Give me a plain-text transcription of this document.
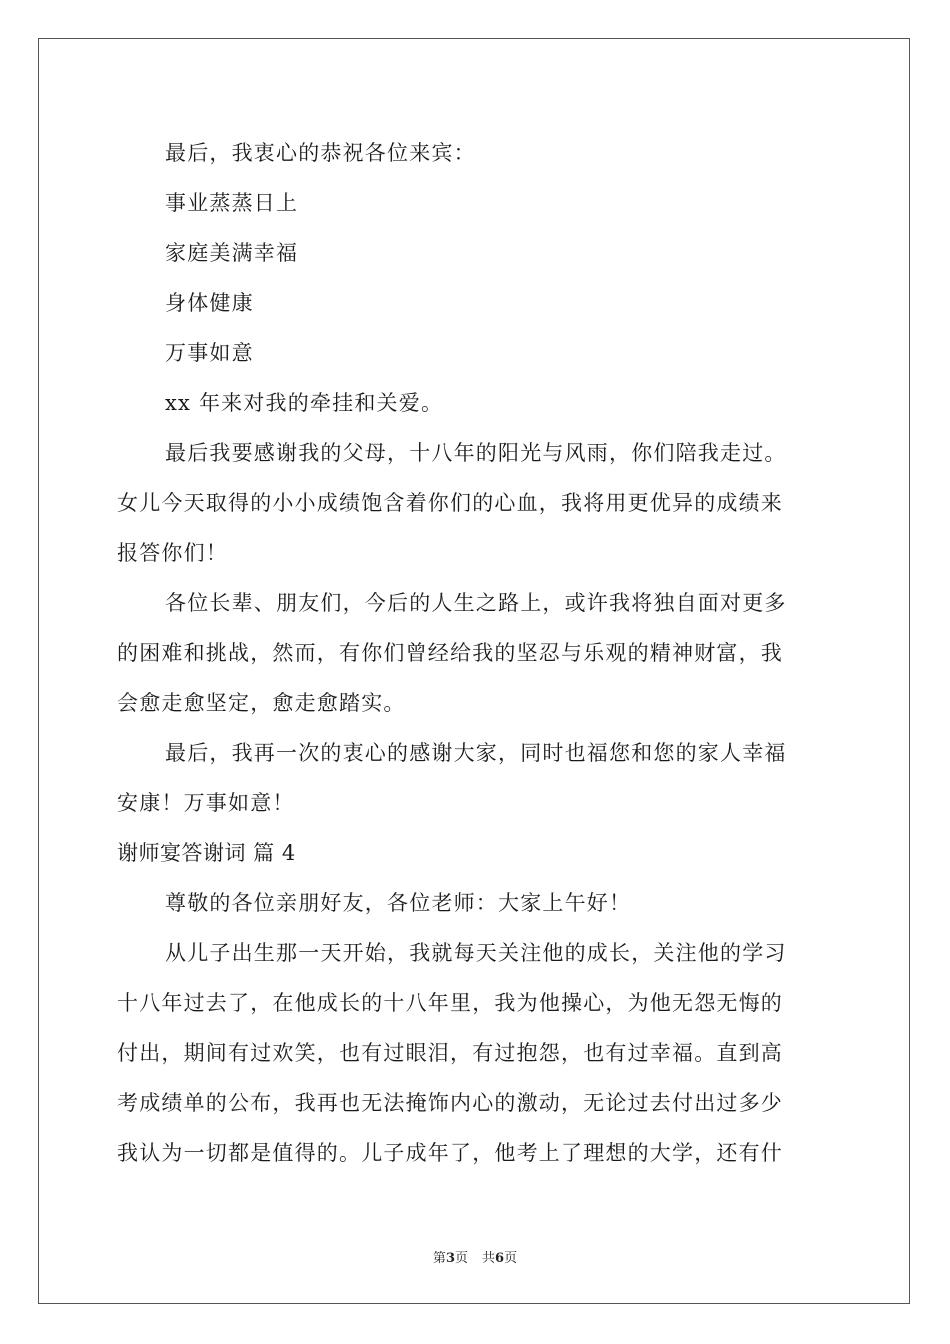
最后，我衷心的恭祝各位来宾：
事业蒸蒸日上
家庭美满幸福
身体健康
万事如意
xx 年来对我的牵挂和关爱。
最后我要感谢我的父母，十八年的阳光与风雨，你们陪我走过。
女儿今天取得的小小成绩饱含着你们的心血，我将用更优异的成绩来
报答你们！
各位长辈、朋友们，今后的人生之路上，或许我将独自面对更多
的困难和挑战，然而，有你们曾经给我的坚忍与乐观的精神财富，我
会愈走愈坚定，愈走愈踏实。
最后，我再一次的衷心的感谢大家，同时也福您和您的家人幸福
安康！万事如意！
谢师宴答谢词 篇 4
尊敬的各位亲朋好友，各位老师：大家上午好！
从儿子出生那一天开始，我就每天关注他的成长，关注他的学习
十八年过去了，在他成长的十八年里，我为他操心，为他无怨无悔的
付出，期间有过欢笑，也有过眼泪，有过抱怨，也有过幸福。直到高
考成绩单的公布，我再也无法掩饰内心的激动，无论过去付出过多少
我认为一切都是值得的。儿子成年了，他考上了理想的大学，还有什
第3页 共6页
